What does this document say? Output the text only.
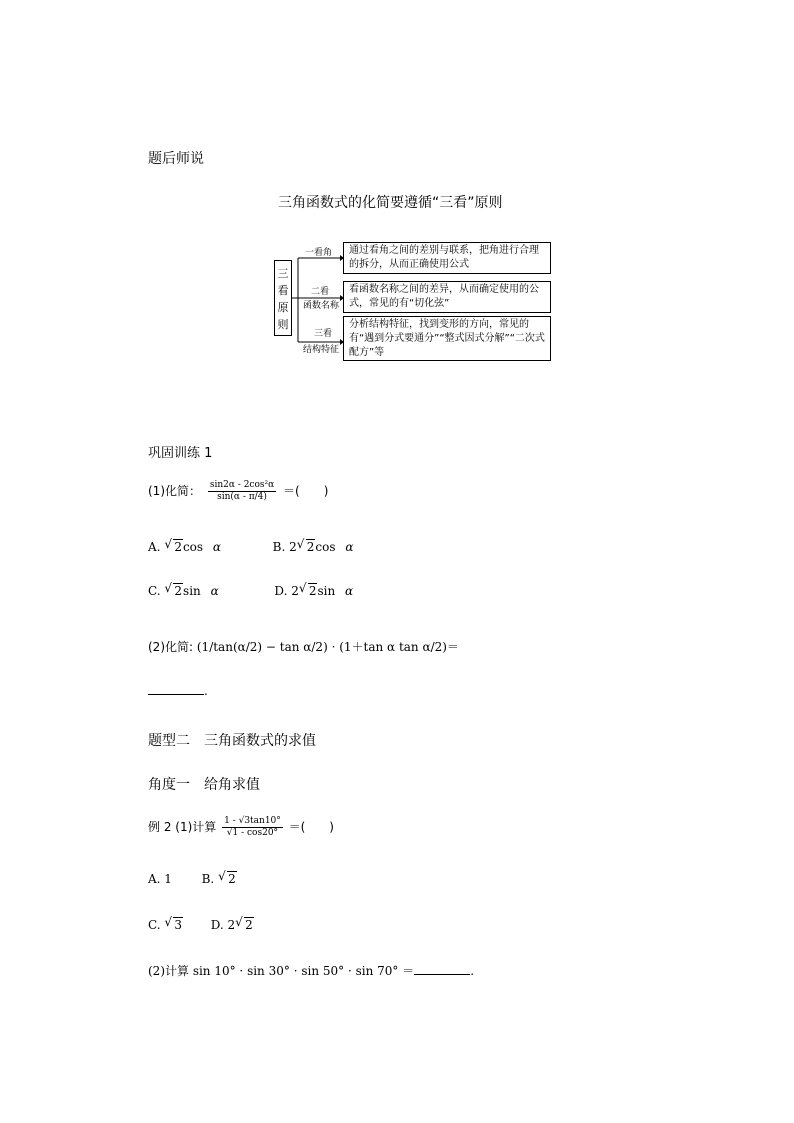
题后师说
三角函数式的化简要遵循“三看”原则
三
看
原
则
一看角
二看
函数名称
三看
结构特征
通过看角之间的差别与联系，把角进行合理的拆分，从而正确使用公式
看函数名称之间的差异，从而确定使用的公式，常见的有“切化弦”
分析结构特征，找到变形的方向，常见的有“遇到分式要通分”“整式因式分解”“二次式配方”等
巩固训练 1
(1)化简： $\frac{\text{sin2α - 2cos²α}}{\sin(\alpha - \pi/4)}$ ＝(　　)
A. √ 2cos α	B. 2 √ 2cos α
C. √ 2sin α	D. 2 √ 2sin α
(2)化简: (1/tan(α/2) − tan α/2) · (1＋tan α tan α/2)＝
.
题型二　三角函数式的求值
角度一　给角求值
例 2 (1)计算 $\frac{1 - √3\tan 10^\circ}{√1 - \cos 20^\circ}$ ＝(　　)
A. 1 B. √ 2
C. √ 3 D. 2 √ 2
(2)计算 sin 10° · sin 30° · sin 50° · sin 70° ＝	.
